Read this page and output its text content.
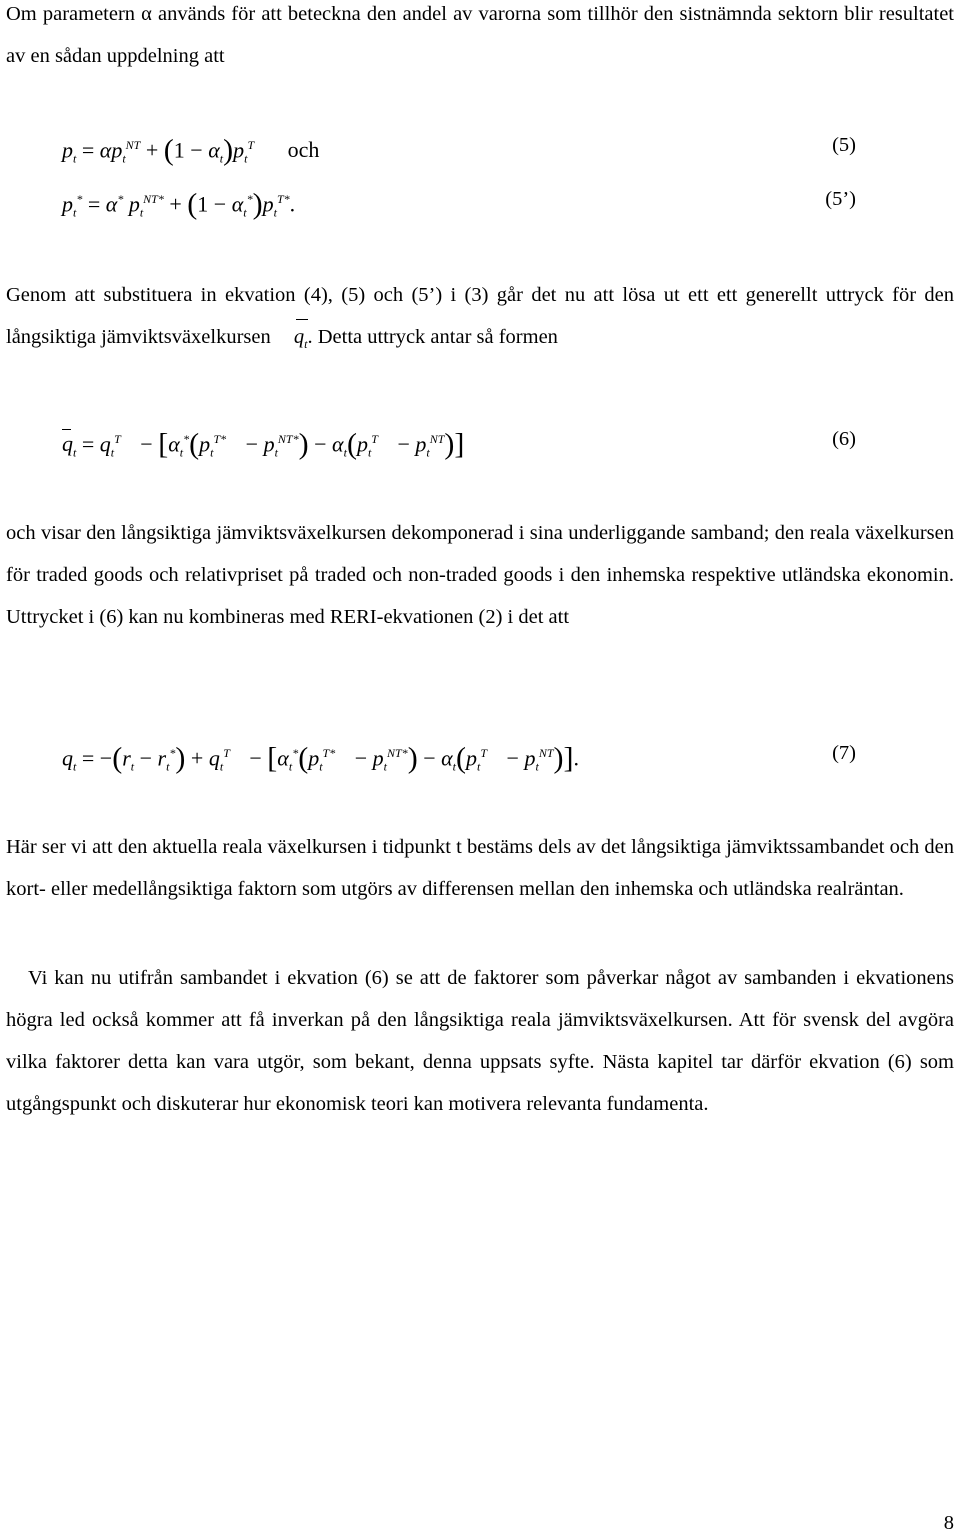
Om parametern α används för att beteckna den andel av varorna som tillhör den sistnämnda sektorn blir resultatet av en sådan uppdelning att

$p_t = \alpha p_t^{NT} + (1 - \alpha_t)p_t^T$ och	(5)
$p_t^* = \alpha^*$ $p_t^{NT*} + (1 - \alpha_t^*)p_t^{T*}$.	(5’)

Genom att substituera in ekvation (4), (5) och (5’) i (3) går det nu att lösa ut ett ett generellt uttryck för den långsiktiga jämviktsväxelkursen $q_t$. Detta uttryck antar så formen

$q_t = q_t^T - [\alpha_t^*(p_t^{T*} - p_t^{NT*}) - \alpha_t(p_t^T - p_t^{NT})]$	(6)

och visar den långsiktiga jämviktsväxelkursen dekomponerad i sina underliggande samband; den reala växelkursen för traded goods och relativpriset på traded och non-traded goods i den inhemska respektive utländska ekonomin. Uttrycket i (6) kan nu kombineras med RERI-ekvationen (2) i det att

$q_t = -(r_t - r_t^*) + q_t^T - [\alpha_t^*(p_t^{T*} - p_t^{NT*}) - \alpha_t(p_t^T - p_t^{NT})]$.	(7)

Här ser vi att den aktuella reala växelkursen i tidpunkt t bestäms dels av det långsiktiga jämviktssambandet och den kort- eller medellångsiktiga faktorn som utgörs av differensen mellan den inhemska och utländska realräntan.

Vi kan nu utifrån sambandet i ekvation (6) se att de faktorer som påverkar något av sambanden i ekvationens högra led också kommer att få inverkan på den långsiktiga reala jämviktsväxelkursen. Att för svensk del avgöra vilka faktorer detta kan vara utgör, som bekant, denna uppsats syfte. Nästa kapitel tar därför ekvation (6) som utgångspunkt och diskuterar hur ekonomisk teori kan motivera relevanta fundamenta.

8
